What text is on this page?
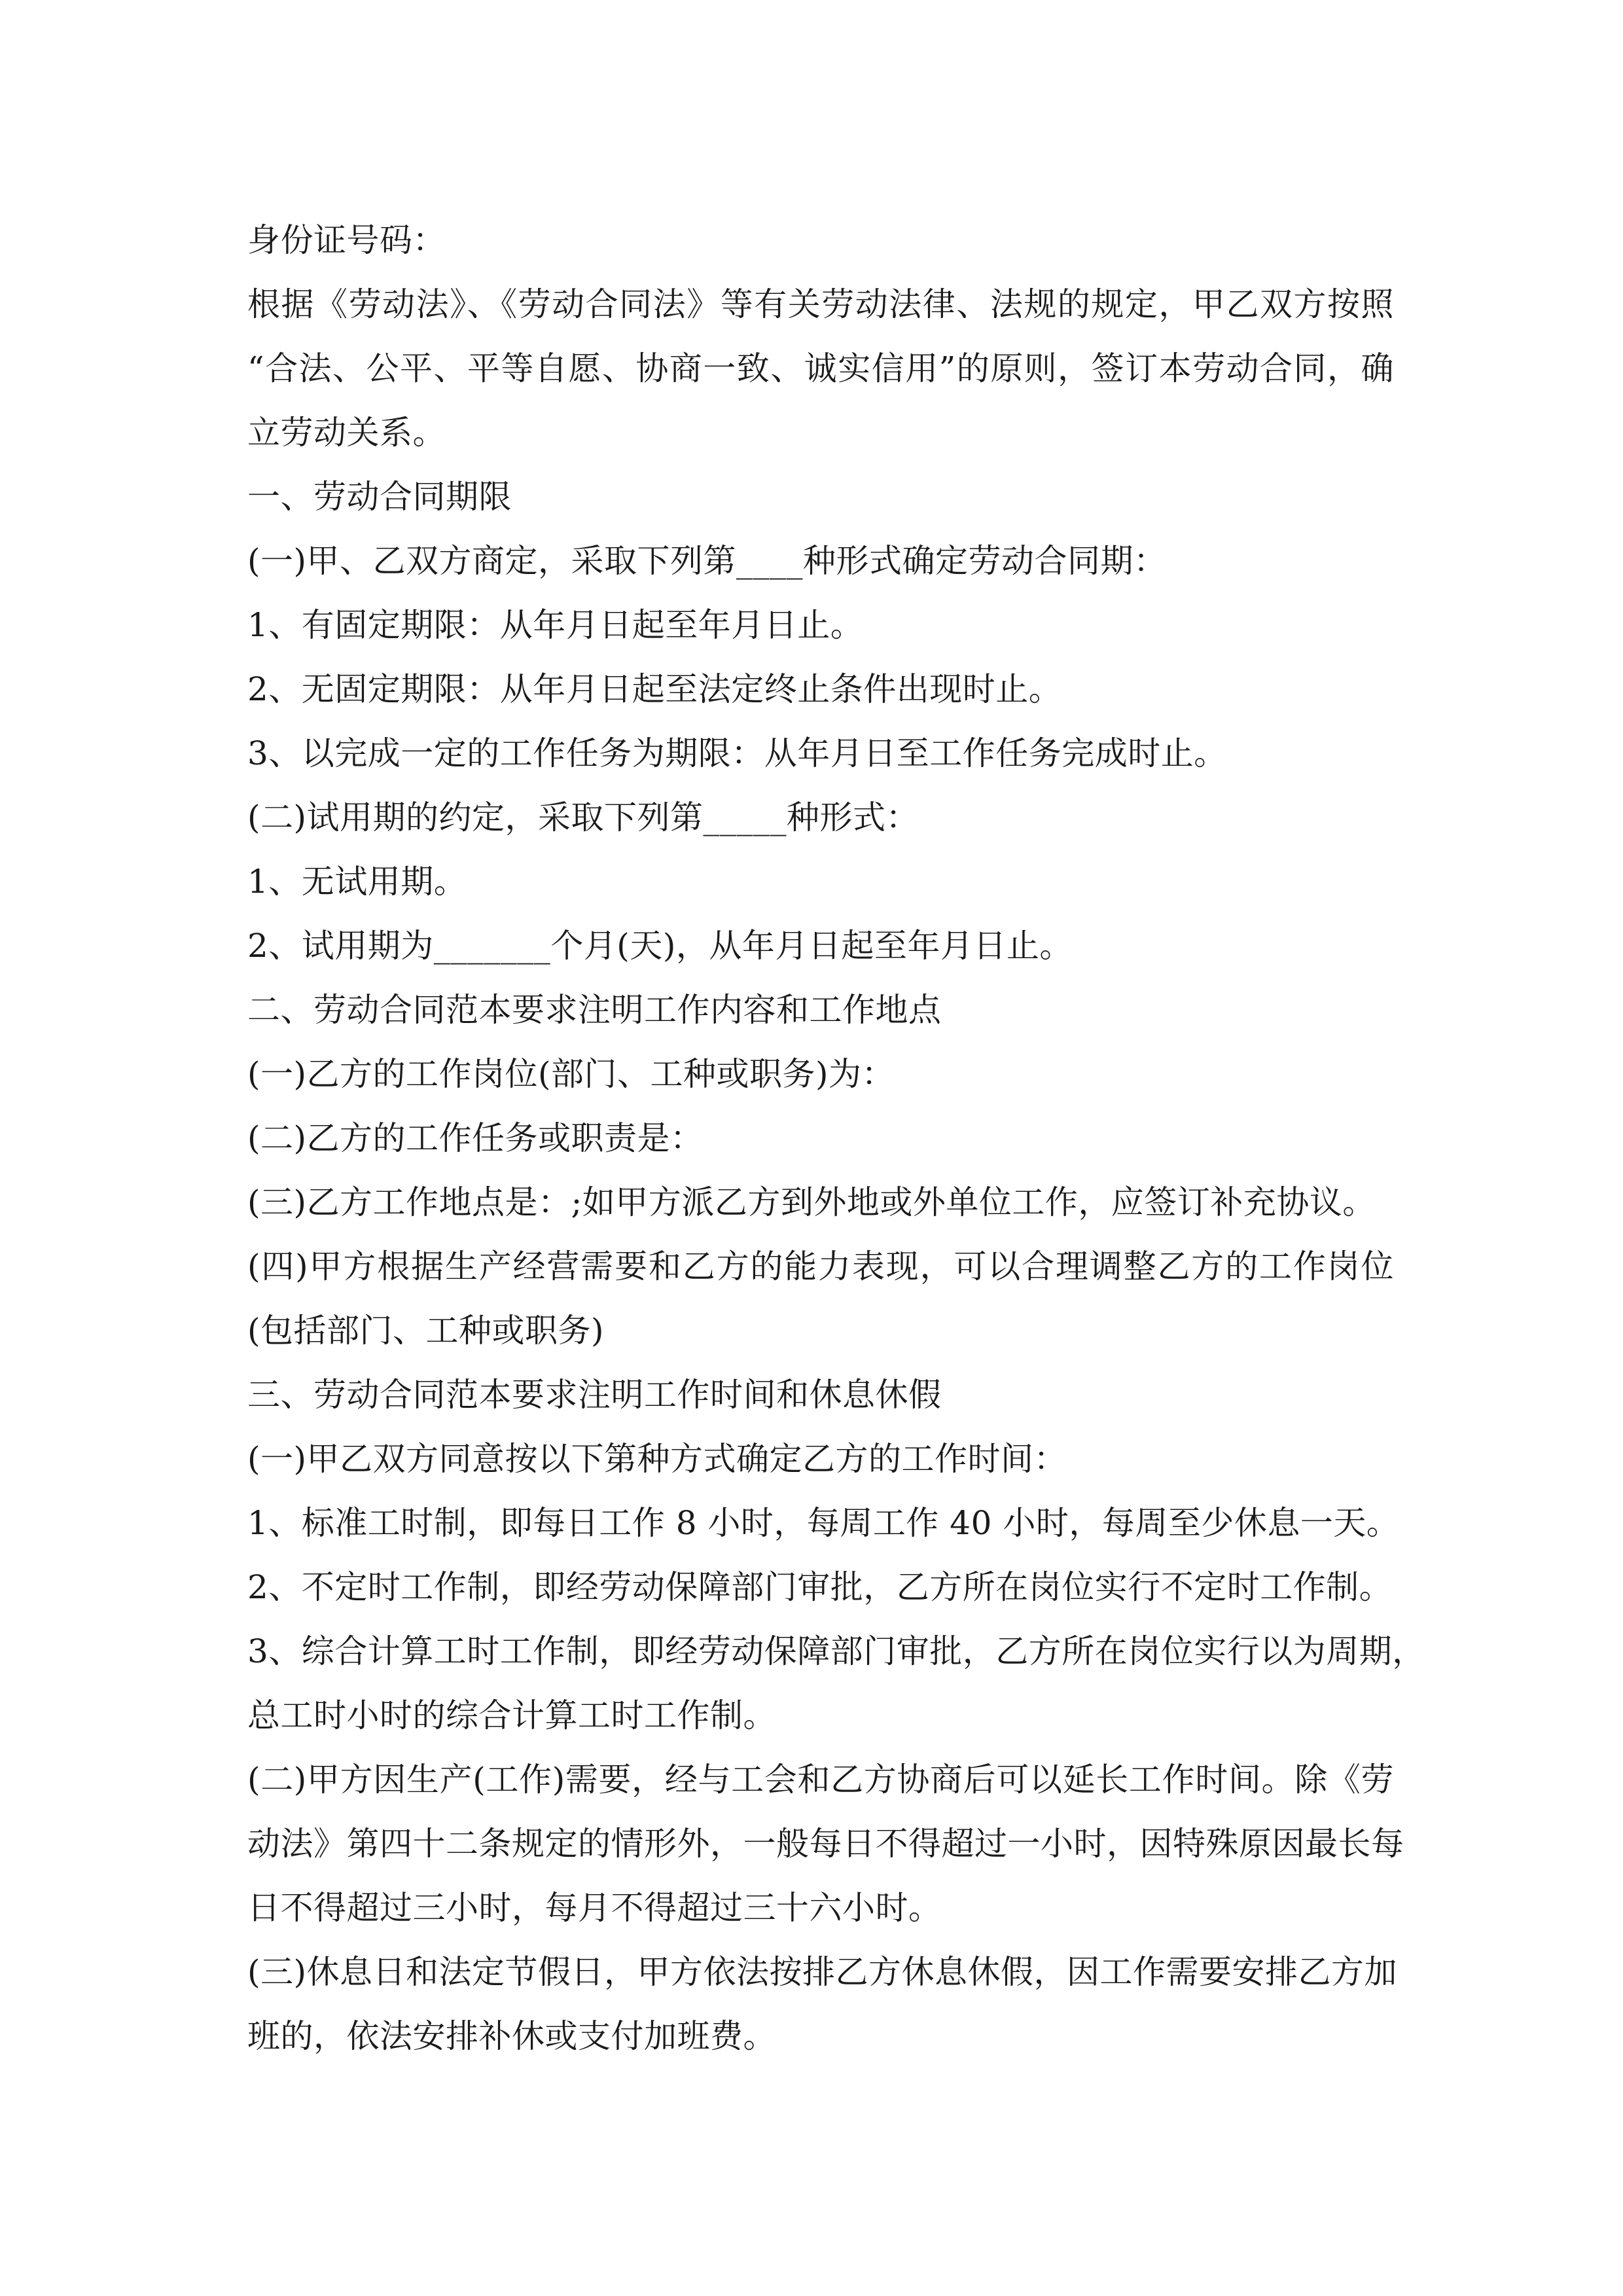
身份证号码：
根据《劳动法》、《劳动合同法》等有关劳动法律、法规的规定，甲乙双方按照
“合法、公平、平等自愿、协商一致、诚实信用”的原则，签订本劳动合同，确
立劳动关系。
一、劳动合同期限
(一)甲、乙双方商定，采取下列第____种形式确定劳动合同期：
1、有固定期限：从年月日起至年月日止。
2、无固定期限：从年月日起至法定终止条件出现时止。
3、以完成一定的工作任务为期限：从年月日至工作任务完成时止。
(二)试用期的约定，采取下列第_____种形式：
1、无试用期。
2、试用期为_______个月(天)，从年月日起至年月日止。
二、劳动合同范本要求注明工作内容和工作地点
(一)乙方的工作岗位(部门、工种或职务)为：
(二)乙方的工作任务或职责是：
(三)乙方工作地点是：;如甲方派乙方到外地或外单位工作，应签订补充协议。
(四)甲方根据生产经营需要和乙方的能力表现，可以合理调整乙方的工作岗位
(包括部门、工种或职务)
三、劳动合同范本要求注明工作时间和休息休假
(一)甲乙双方同意按以下第种方式确定乙方的工作时间：
1、标准工时制，即每日工作 8 小时，每周工作 40 小时，每周至少休息一天。
2、不定时工作制，即经劳动保障部门审批，乙方所在岗位实行不定时工作制。
3、综合计算工时工作制，即经劳动保障部门审批，乙方所在岗位实行以为周期，
总工时小时的综合计算工时工作制。
(二)甲方因生产(工作)需要，经与工会和乙方协商后可以延长工作时间。除《劳
动法》第四十二条规定的情形外，一般每日不得超过一小时，因特殊原因最长每
日不得超过三小时，每月不得超过三十六小时。
(三)休息日和法定节假日，甲方依法按排乙方休息休假，因工作需要安排乙方加
班的，依法安排补休或支付加班费。
